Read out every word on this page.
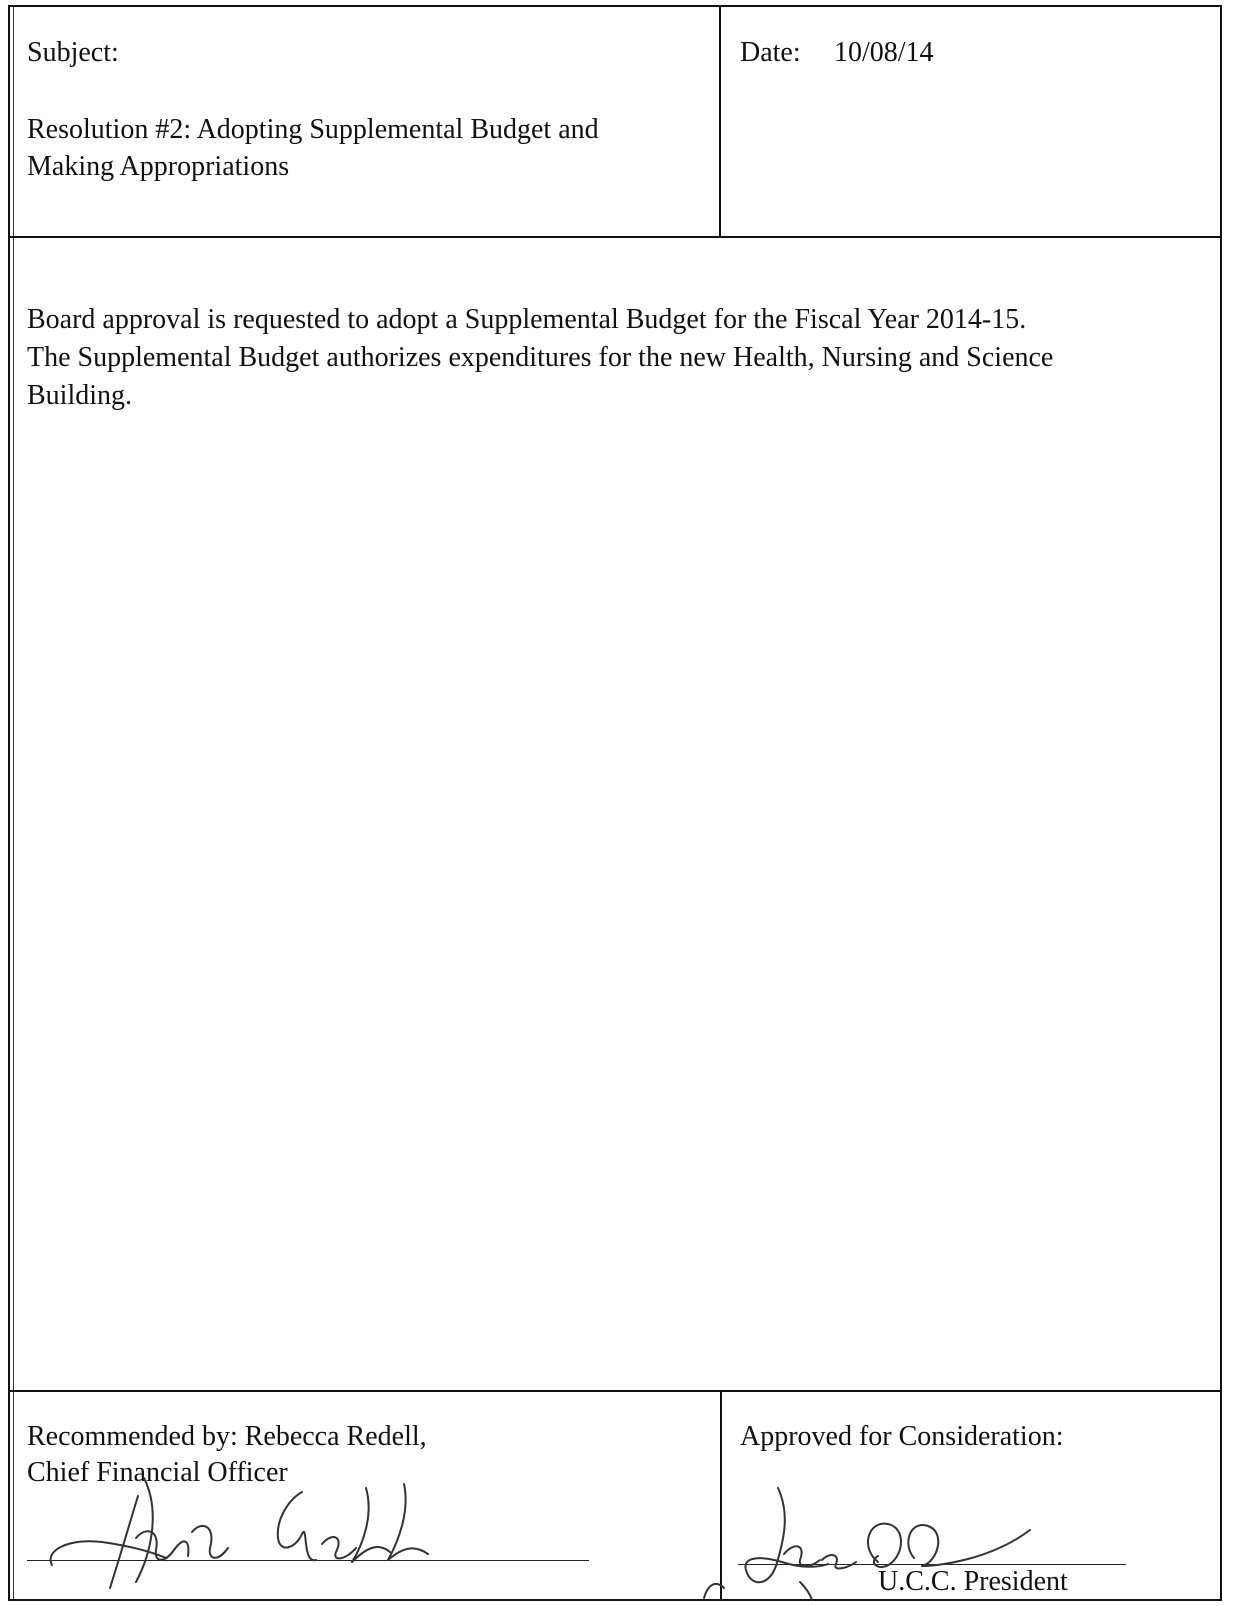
Subject:
Resolution #2: Adopting Supplemental Budget and
Making Appropriations
Date: 10/08/14
Board approval is requested to adopt a Supplemental Budget for the Fiscal Year 2014-15.
The Supplemental Budget authorizes expenditures for the new Health, Nursing and Science
Building.
Recommended by: Rebecca Redell,
Chief Financial Officer
Approved for Consideration:
U.C.C. President
